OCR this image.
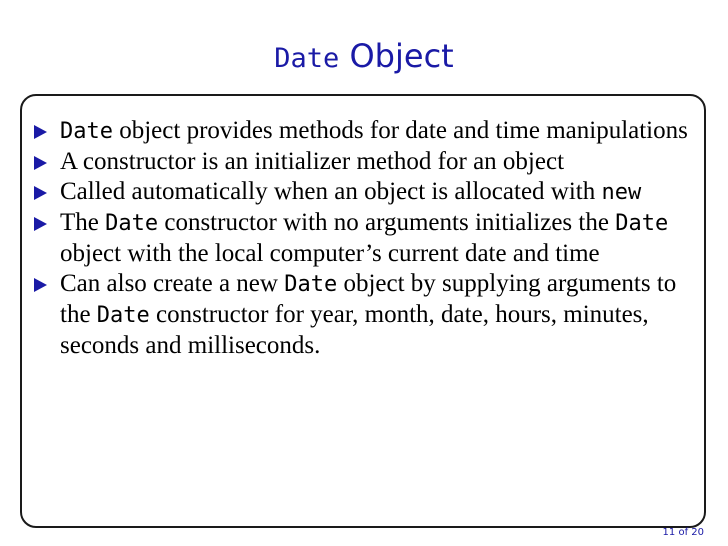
Date Object
Date object provides methods for date and time manipulations
A constructor is an initializer method for an object
Called automatically when an object is allocated with new
The Date constructor with no arguments initializes the Date object with the local computer’s current date and time
Can also create a new Date object by supplying arguments to the Date constructor for year, month, date, hours, minutes, seconds and milliseconds.
11 of 20
